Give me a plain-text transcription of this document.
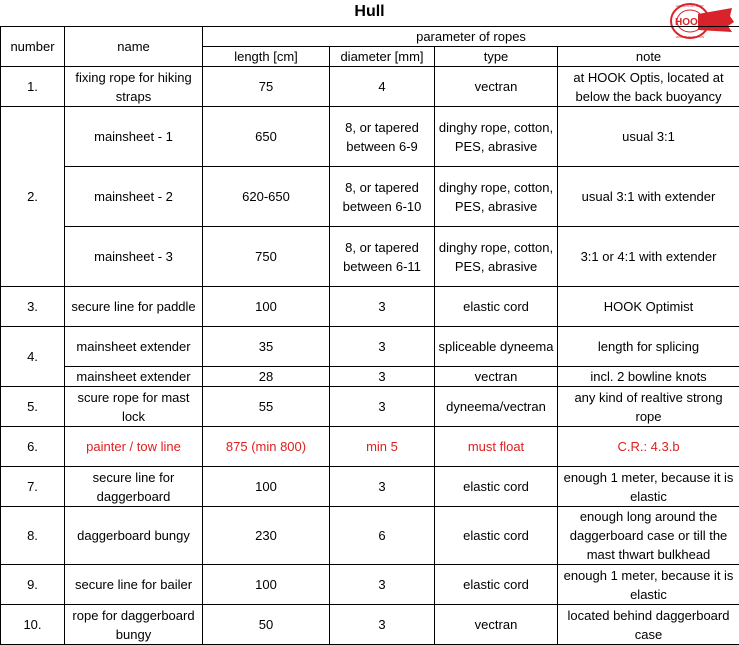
Hull
HOOK
HOBACS OPTIMIST
WORLD CHAMPION
number	name	parameter of ropes			
		length [cm]	diameter [mm]	type	note
1.	fixing rope for hiking straps	75	4	vectran	at HOOK Optis, located at below the back buoyancy
2.	mainsheet - 1	650	8, or tapered between 6-9	dinghy rope, cotton, PES, abrasive	usual 3:1
	mainsheet - 2	620-650	8, or tapered between 6-10	dinghy rope, cotton, PES, abrasive	usual 3:1 with extender
	mainsheet - 3	750	8, or tapered between 6-11	dinghy rope, cotton, PES, abrasive	3:1 or 4:1 with extender
3.	secure line for paddle	100	3	elastic cord	HOOK Optimist
4.	mainsheet extender	35	3	spliceable dyneema	length for splicing
	mainsheet extender	28	3	vectran	incl. 2 bowline knots
5.	scure rope for mast lock	55	3	dyneema/vectran	any kind of realtive strong rope
6.	painter / tow line	875 (min 800)	min 5	must float	C.R.: 4.3.b
7.	secure line for daggerboard	100	3	elastic cord	enough 1 meter, because it is elastic
8.	daggerboard bungy	230	6	elastic cord	enough long around the daggerboard case or till the mast thwart bulkhead
9.	secure line for bailer	100	3	elastic cord	enough 1 meter, because it is elastic
10.	rope for daggerboard bungy	50	3	vectran	located behind daggerboard case
